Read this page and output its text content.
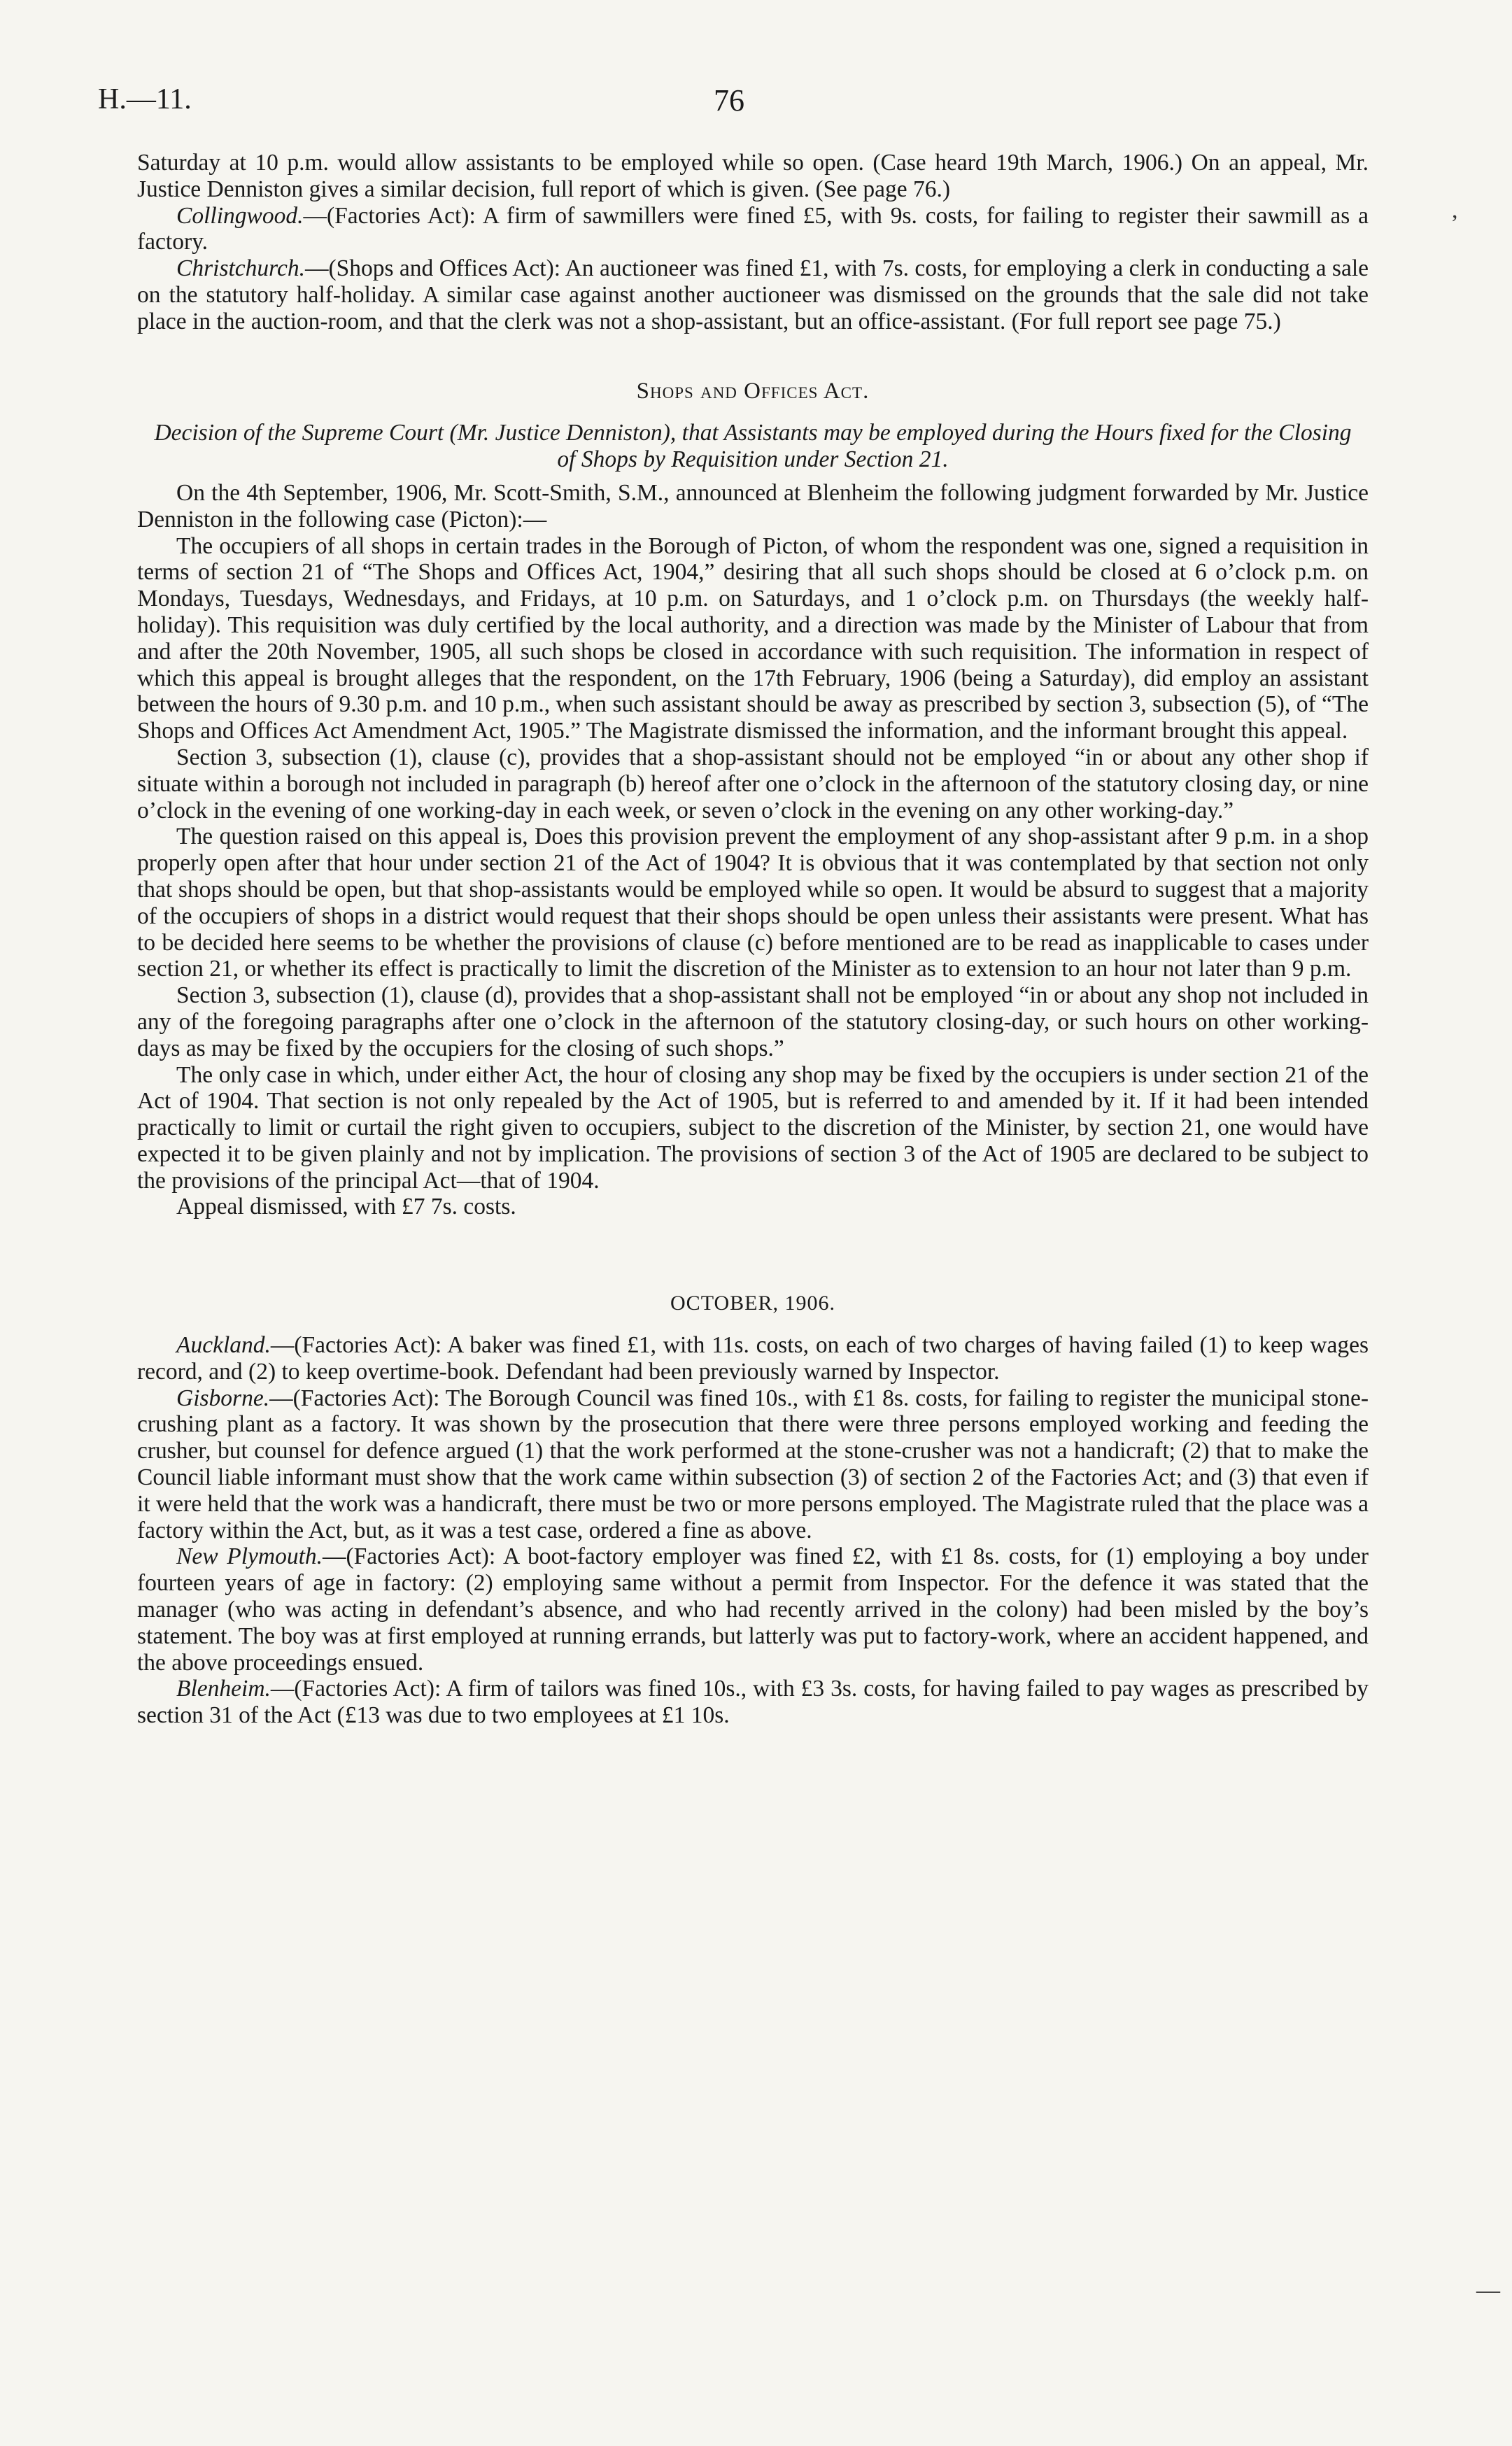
H.—11.	76
,
—

Saturday at 10 p.m. would allow assistants to be employed while so open. (Case heard 19th March, 1906.) On an appeal, Mr. Justice Denniston gives a similar decision, full report of which is given. (See page 76.)

Collingwood.—(Factories Act): A firm of sawmillers were fined £5, with 9s. costs, for failing to register their sawmill as a factory.

Christchurch.—(Shops and Offices Act): An auctioneer was fined £1, with 7s. costs, for employing a clerk in conducting a sale on the statutory half-holiday. A similar case against another auctioneer was dismissed on the grounds that the sale did not take place in the auction-room, and that the clerk was not a shop-assistant, but an office-assistant. (For full report see page 75.)

Shops and Offices Act.

Decision of the Supreme Court (Mr. Justice Denniston), that Assistants may be employed during the Hours fixed for the Closing of Shops by Requisition under Section 21.

On the 4th September, 1906, Mr. Scott-Smith, S.M., announced at Blenheim the following judgment forwarded by Mr. Justice Denniston in the following case (Picton):—

The occupiers of all shops in certain trades in the Borough of Picton, of whom the respondent was one, signed a requisition in terms of section 21 of “The Shops and Offices Act, 1904,” desiring that all such shops should be closed at 6 o’clock p.m. on Mondays, Tuesdays, Wednesdays, and Fridays, at 10 p.m. on Saturdays, and 1 o’clock p.m. on Thursdays (the weekly half-holiday). This requisition was duly certified by the local authority, and a direction was made by the Minister of Labour that from and after the 20th November, 1905, all such shops be closed in accordance with such requisition. The information in respect of which this appeal is brought alleges that the respondent, on the 17th February, 1906 (being a Saturday), did employ an assistant between the hours of 9.30 p.m. and 10 p.m., when such assistant should be away as prescribed by section 3, subsection (5), of “The Shops and Offices Act Amendment Act, 1905.” The Magistrate dismissed the information, and the informant brought this appeal.

Section 3, subsection (1), clause (c), provides that a shop-assistant should not be employed “in or about any other shop if situate within a borough not included in paragraph (b) hereof after one o’clock in the afternoon of the statutory closing day, or nine o’clock in the evening of one working-day in each week, or seven o’clock in the evening on any other working-day.”

The question raised on this appeal is, Does this provision prevent the employment of any shop-assistant after 9 p.m. in a shop properly open after that hour under section 21 of the Act of 1904? It is obvious that it was contemplated by that section not only that shops should be open, but that shop-assistants would be employed while so open. It would be absurd to suggest that a majority of the occupiers of shops in a district would request that their shops should be open unless their assistants were present. What has to be decided here seems to be whether the provisions of clause (c) before mentioned are to be read as inapplicable to cases under section 21, or whether its effect is practically to limit the discretion of the Minister as to extension to an hour not later than 9 p.m.

Section 3, subsection (1), clause (d), provides that a shop-assistant shall not be employed “in or about any shop not included in any of the foregoing paragraphs after one o’clock in the afternoon of the statutory closing-day, or such hours on other working-days as may be fixed by the occupiers for the closing of such shops.”

The only case in which, under either Act, the hour of closing any shop may be fixed by the occupiers is under section 21 of the Act of 1904. That section is not only repealed by the Act of 1905, but is referred to and amended by it. If it had been intended practically to limit or curtail the right given to occupiers, subject to the discretion of the Minister, by section 21, one would have expected it to be given plainly and not by implication. The provisions of section 3 of the Act of 1905 are declared to be subject to the provisions of the principal Act—that of 1904.

Appeal dismissed, with £7 7s. costs.

OCTOBER, 1906.

Auckland.—(Factories Act): A baker was fined £1, with 11s. costs, on each of two charges of having failed (1) to keep wages record, and (2) to keep overtime-book. Defendant had been previously warned by Inspector.

Gisborne.—(Factories Act): The Borough Council was fined 10s., with £1 8s. costs, for failing to register the municipal stone-crushing plant as a factory. It was shown by the prosecution that there were three persons employed working and feeding the crusher, but counsel for defence argued (1) that the work performed at the stone-crusher was not a handicraft; (2) that to make the Council liable informant must show that the work came within subsection (3) of section 2 of the Factories Act; and (3) that even if it were held that the work was a handicraft, there must be two or more persons employed. The Magistrate ruled that the place was a factory within the Act, but, as it was a test case, ordered a fine as above.

New Plymouth.—(Factories Act): A boot-factory employer was fined £2, with £1 8s. costs, for (1) employing a boy under fourteen years of age in factory: (2) employing same without a permit from Inspector. For the defence it was stated that the manager (who was acting in defendant’s absence, and who had recently arrived in the colony) had been misled by the boy’s statement. The boy was at first employed at running errands, but latterly was put to factory-work, where an accident happened, and the above proceedings ensued.

Blenheim.—(Factories Act): A firm of tailors was fined 10s., with £3 3s. costs, for having failed to pay wages as prescribed by section 31 of the Act (£13 was due to two employees at £1 10s.
